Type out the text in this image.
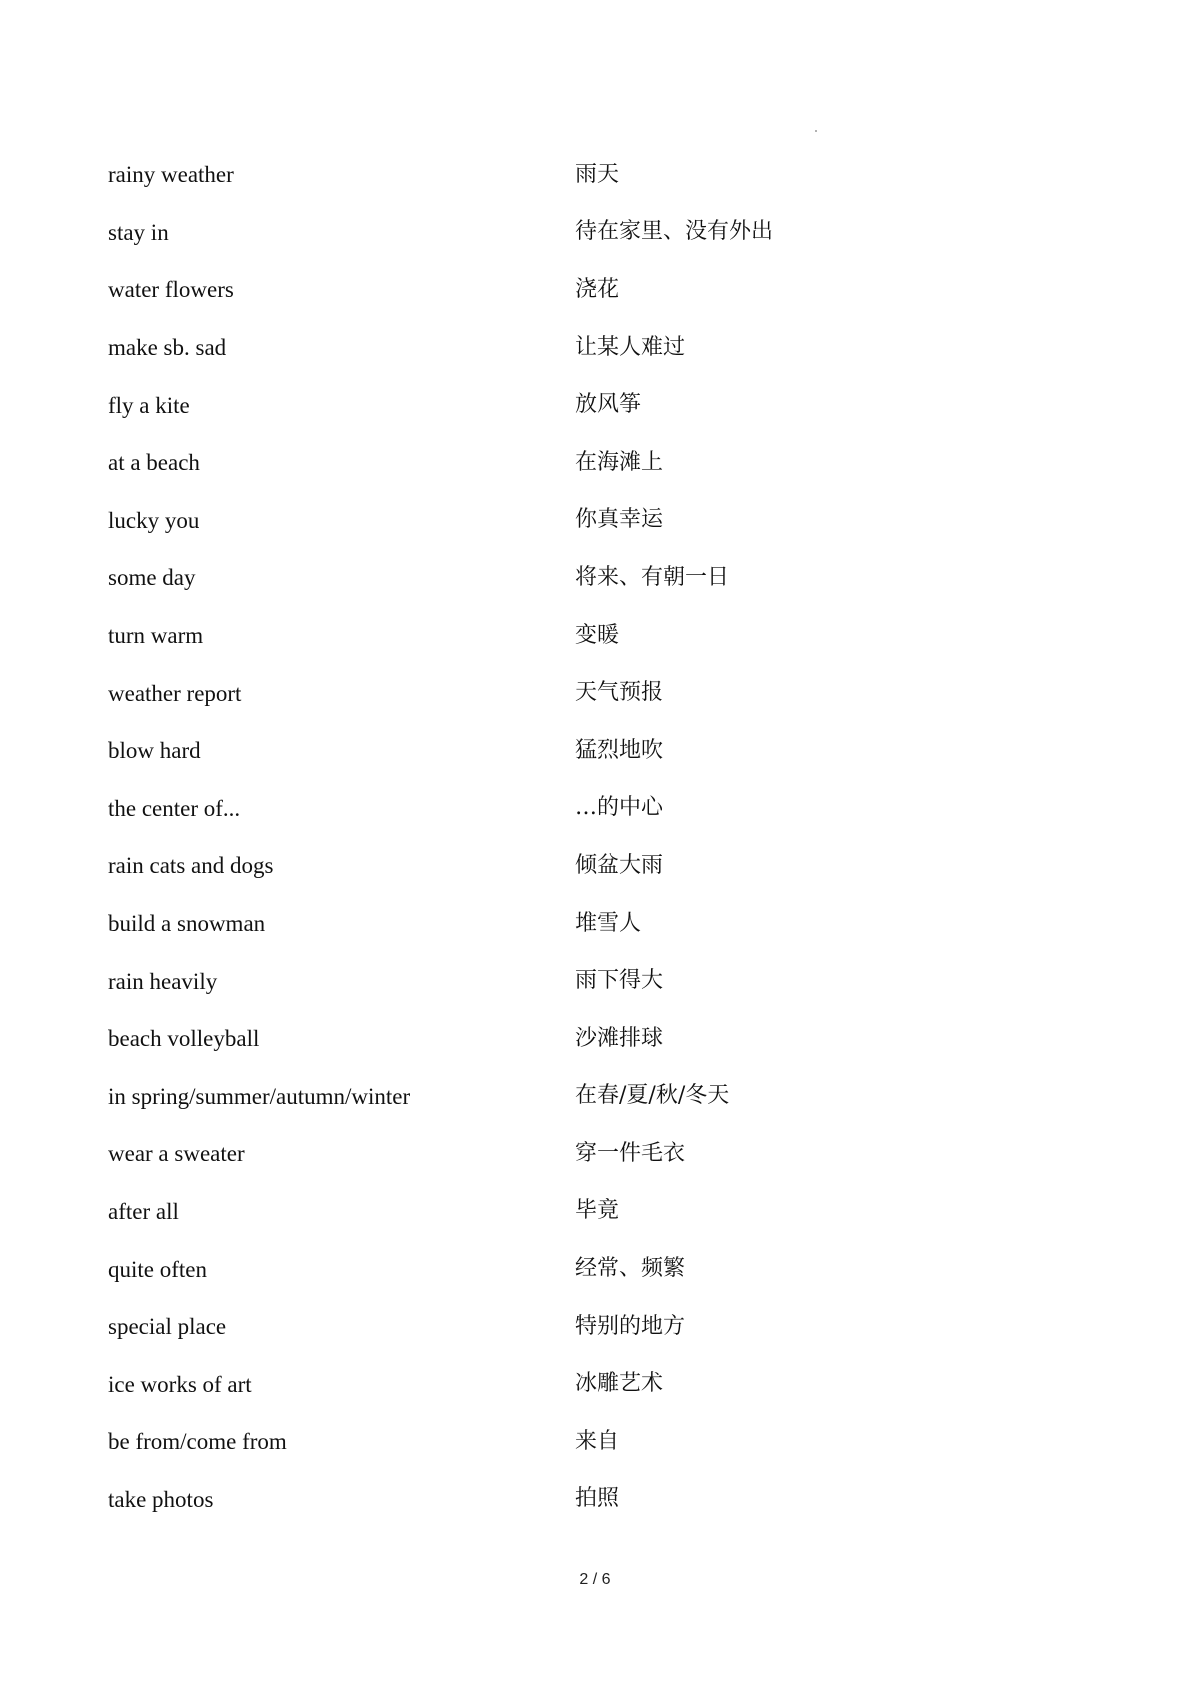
rainy weather	雨天
stay in	待在家里、没有外出
water flowers	浇花
make sb. sad	让某人难过
fly a kite	放风筝
at a beach	在海滩上
lucky you	你真幸运
some day	将来、有朝一日
turn warm	变暖
weather report	天气预报
blow hard	猛烈地吹
the center of...	…的中心
rain cats and dogs	倾盆大雨
build a snowman	堆雪人
rain heavily	雨下得大
beach volleyball	沙滩排球
in spring/summer/autumn/winter	在春/夏/秋/冬天
wear a sweater	穿一件毛衣
after all	毕竟
quite often	经常、频繁
special place	特别的地方
ice works of art	冰雕艺术
be from/come from	来自
take photos	拍照
2 / 6
